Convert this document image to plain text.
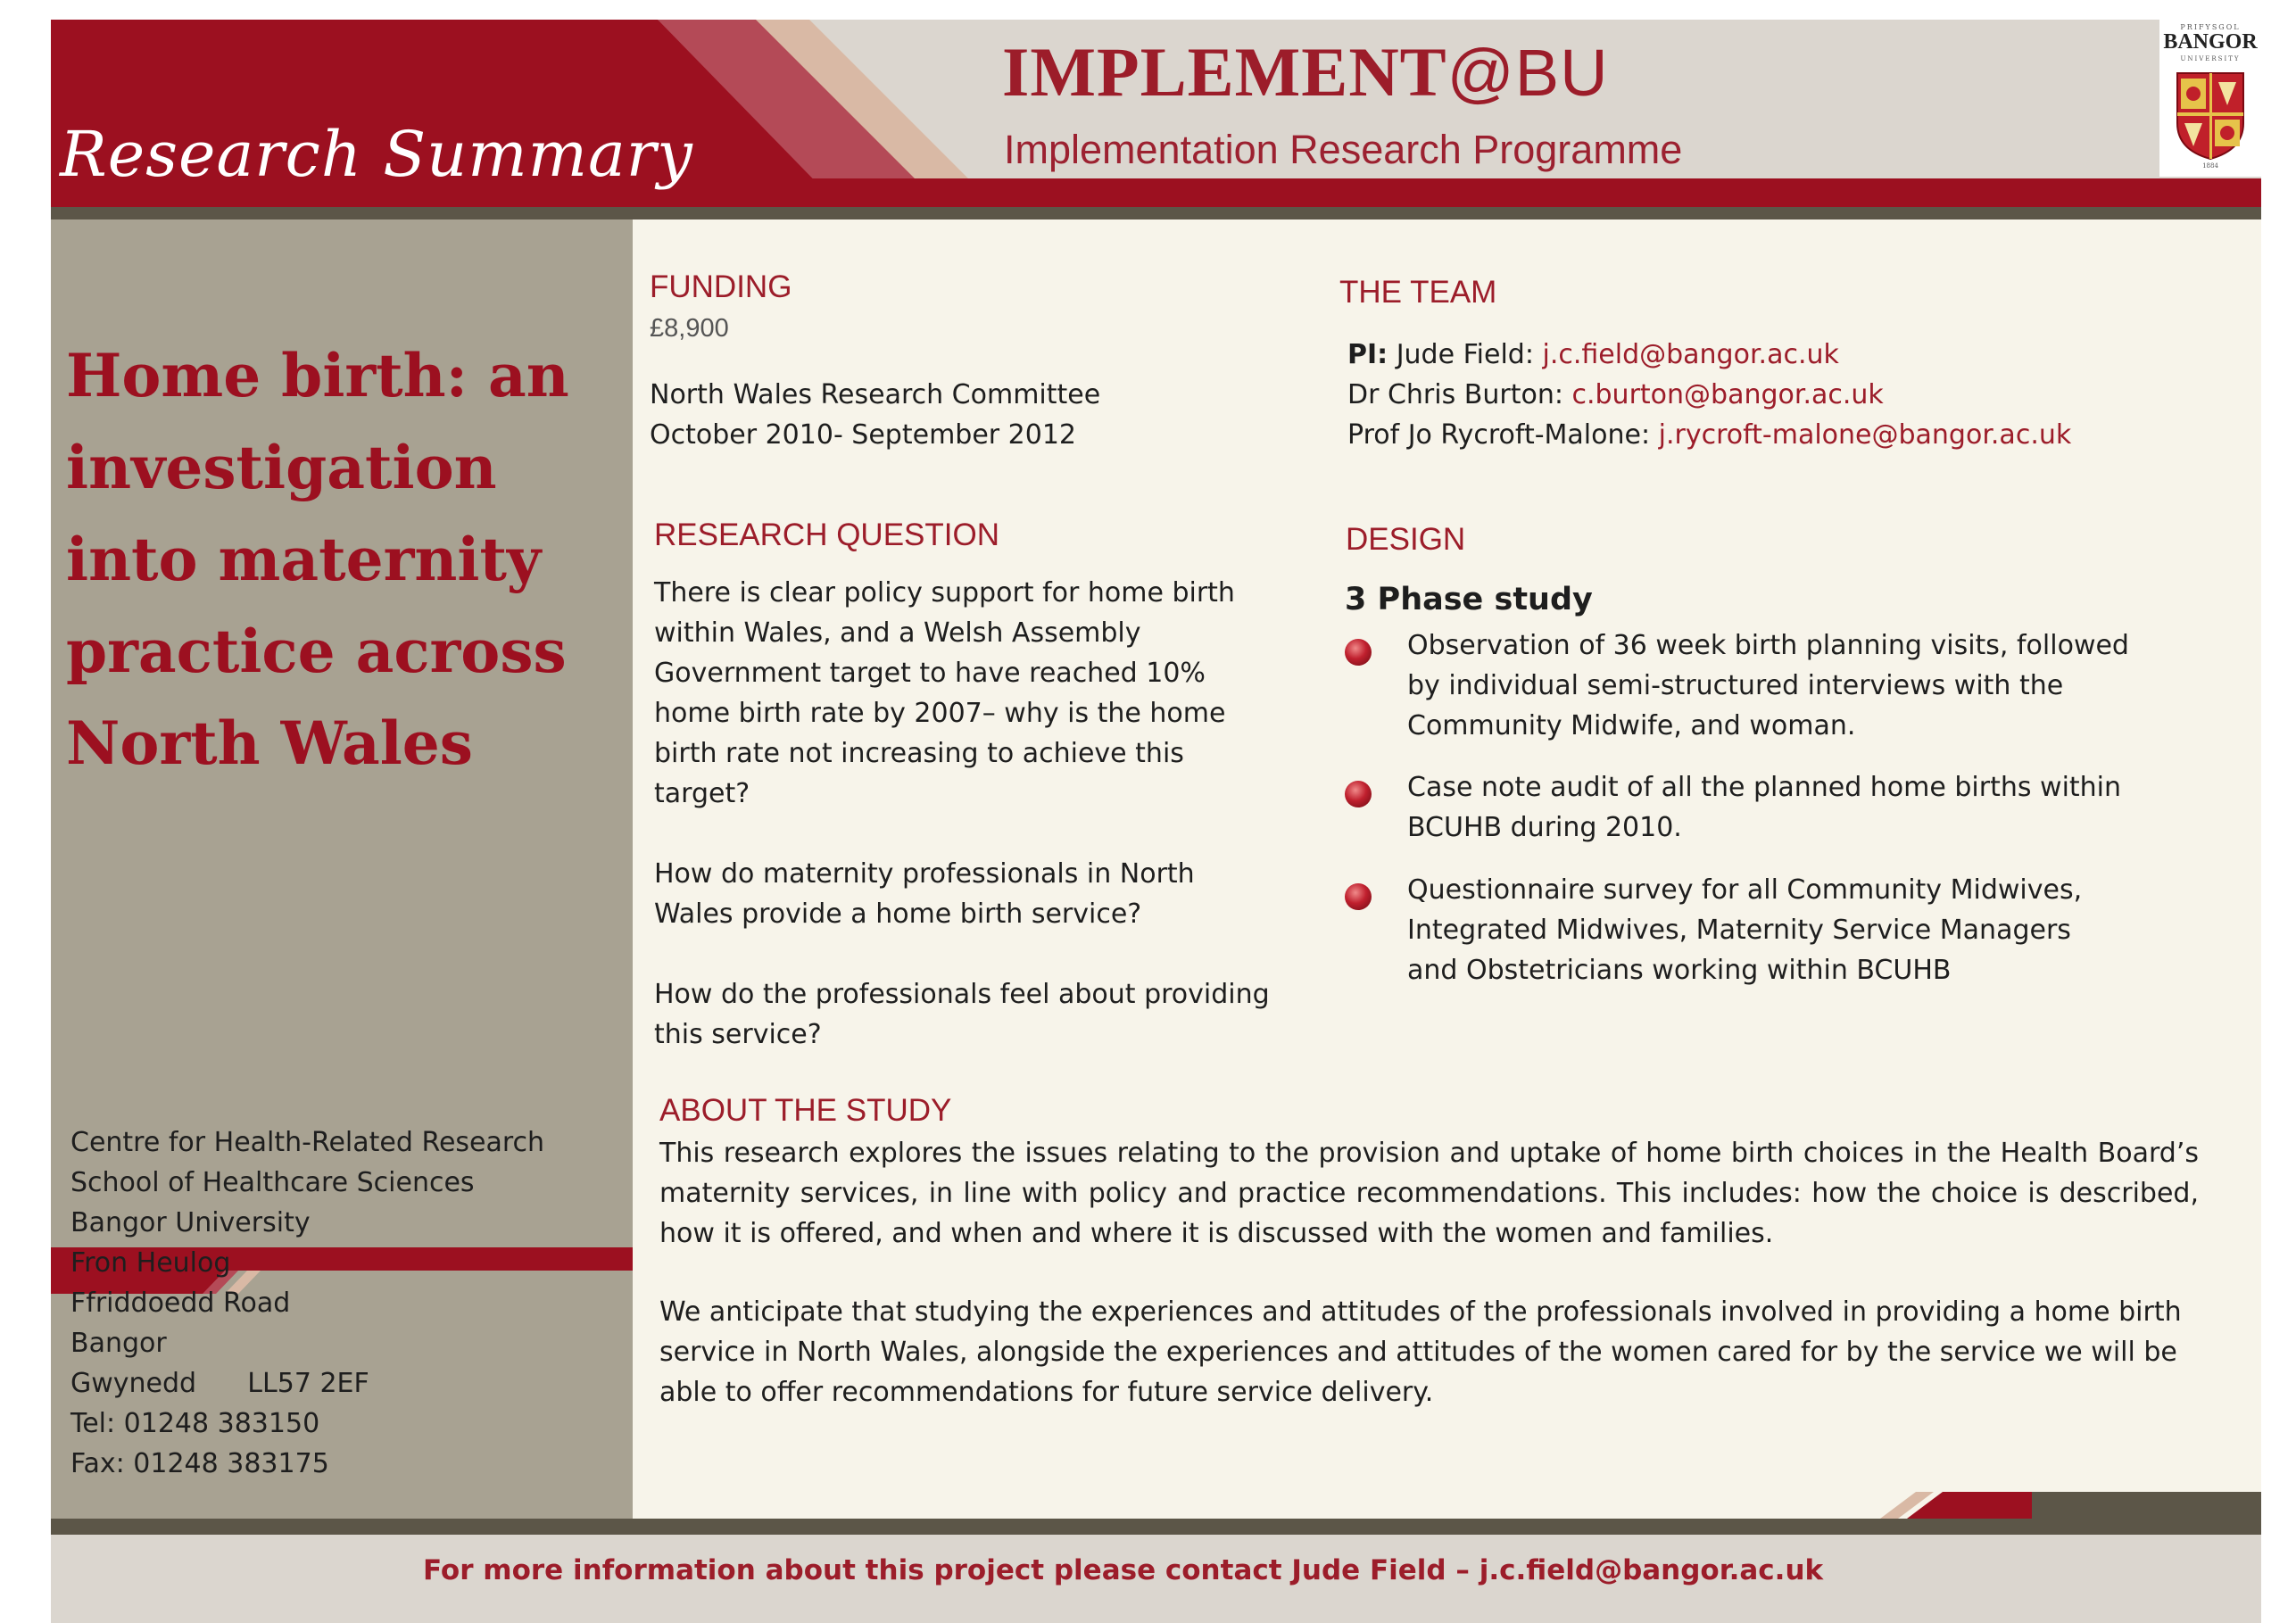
Research Summary
IMPLEMENT@BU
Implementation Research Programme
PRIFYSGOL
BANGOR
UNIVERSITY
1884
Home birth: an investigation into maternity practice across North Wales
Centre for Health-Related Research
School of Healthcare Sciences
Bangor University
Fron Heulog
Ffriddoedd Road
Bangor
Gwynedd      LL57 2EF
Tel: 01248 383150
Fax: 01248 383175
FUNDING
£8,900
North Wales Research Committee
October 2010- September 2012
THE TEAM
PI: Jude Field: j.c.field@bangor.ac.uk
Dr Chris Burton: c.burton@bangor.ac.uk
Prof Jo Rycroft-Malone: j.rycroft-malone@bangor.ac.uk
RESEARCH QUESTION
There is clear policy support for home birth within Wales, and a Welsh Assembly Government target to have reached 10% home birth rate by 2007– why is the home birth rate not increasing to achieve this target?
How do maternity professionals in North Wales provide a home birth service?
How do the professionals feel about providing this service?
DESIGN
3 Phase study
Observation of 36 week birth planning visits, followed by individual semi-structured interviews with the Community Midwife, and woman.
Case note audit of all the planned home births within BCUHB during 2010.
Questionnaire survey for all Community Midwives, Integrated Midwives, Maternity Service Managers and Obstetricians working within BCUHB
ABOUT THE STUDY
This research explores the issues relating to the provision and uptake of home birth choices in the Health Board’s maternity services, in line with policy and practice recommendations. This includes: how the choice is described, how it is offered, and when and where it is discussed with the women and families.
We anticipate that studying the experiences and attitudes of the professionals involved in providing a home birth service in North Wales, alongside the experiences and attitudes of the women cared for by the service we will be able to offer recommendations for future service delivery.
For more information about this project please contact Jude Field – j.c.field@bangor.ac.uk
